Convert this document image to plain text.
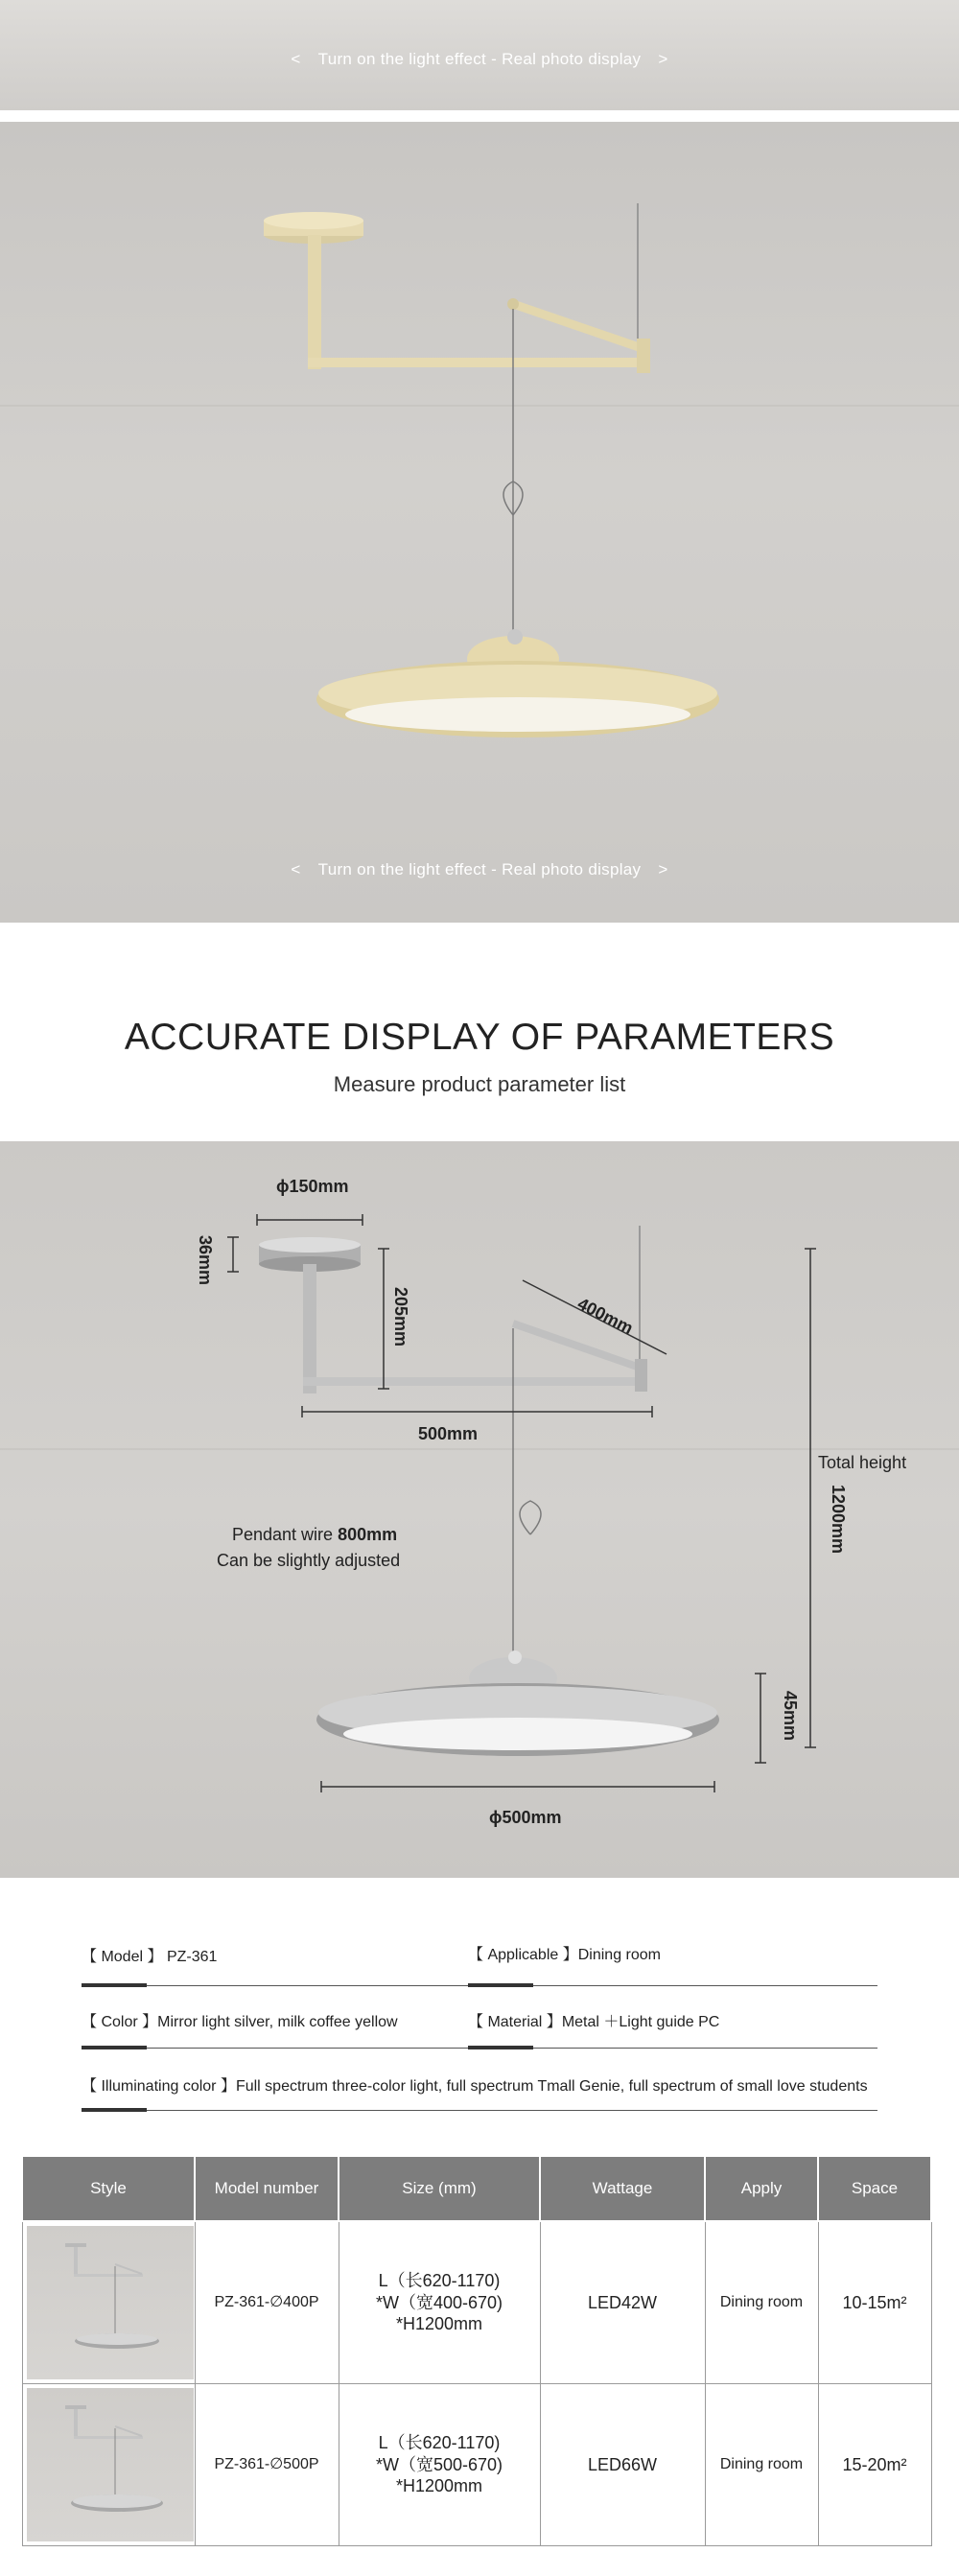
< Turn on the light effect - Real photo display >
< Turn on the light effect - Real photo display >
ACCURATE DISPLAY OF PARAMETERS
Measure product parameter list
ϕ150mm
36mm
205mm	400mm
500mm
Total height
1200mm
Pendant wire 800mm
Can be slightly adjusted
45mm
ϕ500mm
【 Model 】 PZ-361	【 Applicable 】Dining room
【 Color 】Mirror light silver, milk coffee yellow	【 Material 】Metal ＋Light guide PC
【 Illuminating color 】Full spectrum three-color light, full spectrum Tmall Genie, full spectrum of small love students
Style	Model number	Size (mm)	Wattage	Apply	Space

	PZ-361-∅400P	L（长620-1170)
*W（宽400-670)
*H1200mm	LED42W	Dining room	10-15m²

	PZ-361-∅500P	L（长620-1170)
*W（宽500-670)
*H1200mm	LED66W	Dining room	15-20m²
